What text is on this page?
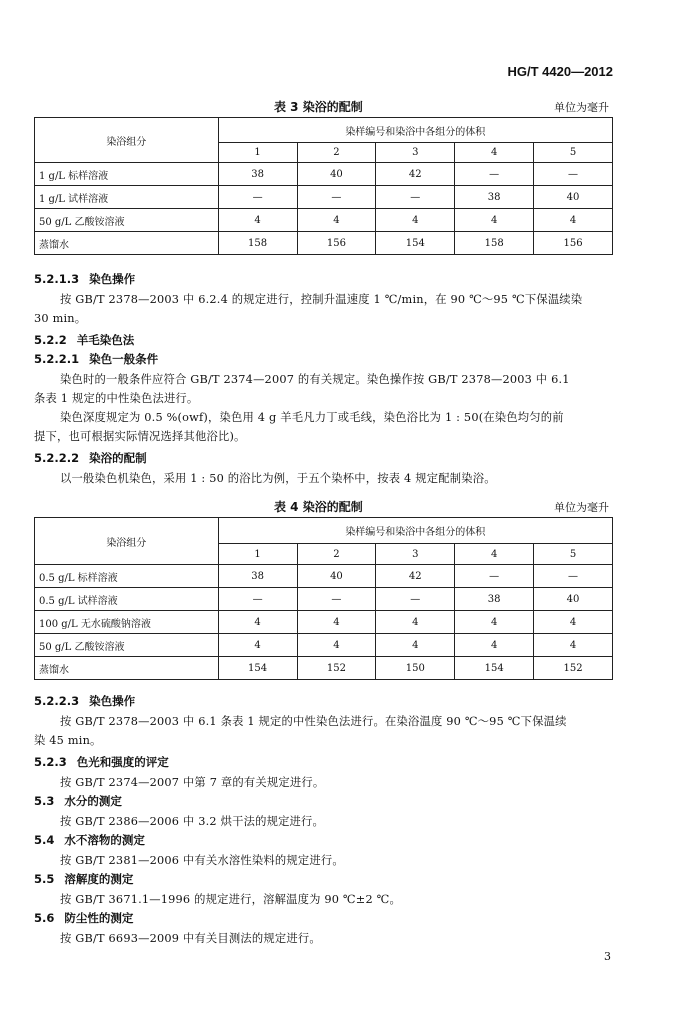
HG/T 4420—2012
表 3 染浴的配制	单位为毫升
染浴组分	染样编号和染浴中各组分的体积				
	1	2	3	4	5
1 g/L 标样溶液	38	40	42	—	—
1 g/L 试样溶液	—	—	—	38	40
50 g/L 乙酸铵溶液	4	4	4	4	4
蒸馏水	158	156	154	158	156
5.2.1.3 染色操作
按 GB/T 2378—2003 中 6.2.4 的规定进行，控制升温速度 1 ℃/min，在 90 ℃～95 ℃下保温续染
30 min。
5.2.2 羊毛染色法
5.2.2.1 染色一般条件
染色时的一般条件应符合 GB/T 2374—2007 的有关规定。染色操作按 GB/T 2378—2003 中 6.1
条表 1 规定的中性染色法进行。
染色深度规定为 0.5 %(owf)，染色用 4 g 羊毛凡力丁或毛线，染色浴比为 1 : 50(在染色均匀的前
提下，也可根据实际情况选择其他浴比)。
5.2.2.2 染浴的配制
以一般染色机染色，采用 1 : 50 的浴比为例，于五个染杯中，按表 4 规定配制染浴。
表 4 染浴的配制	单位为毫升
染浴组分	染样编号和染浴中各组分的体积				
	1	2	3	4	5
0.5 g/L 标样溶液	38	40	42	—	—
0.5 g/L 试样溶液	—	—	—	38	40
100 g/L 无水硫酸钠溶液	4	4	4	4	4
50 g/L 乙酸铵溶液	4	4	4	4	4
蒸馏水	154	152	150	154	152
5.2.2.3 染色操作
按 GB/T 2378—2003 中 6.1 条表 1 规定的中性染色法进行。在染浴温度 90 ℃～95 ℃下保温续
染 45 min。
5.2.3 色光和强度的评定
按 GB/T 2374—2007 中第 7 章的有关规定进行。
5.3 水分的测定
按 GB/T 2386—2006 中 3.2 烘干法的规定进行。
5.4 水不溶物的测定
按 GB/T 2381—2006 中有关水溶性染料的规定进行。
5.5 溶解度的测定
按 GB/T 3671.1—1996 的规定进行，溶解温度为 90 ℃±2 ℃。
5.6 防尘性的测定
按 GB/T 6693—2009 中有关目测法的规定进行。
3
